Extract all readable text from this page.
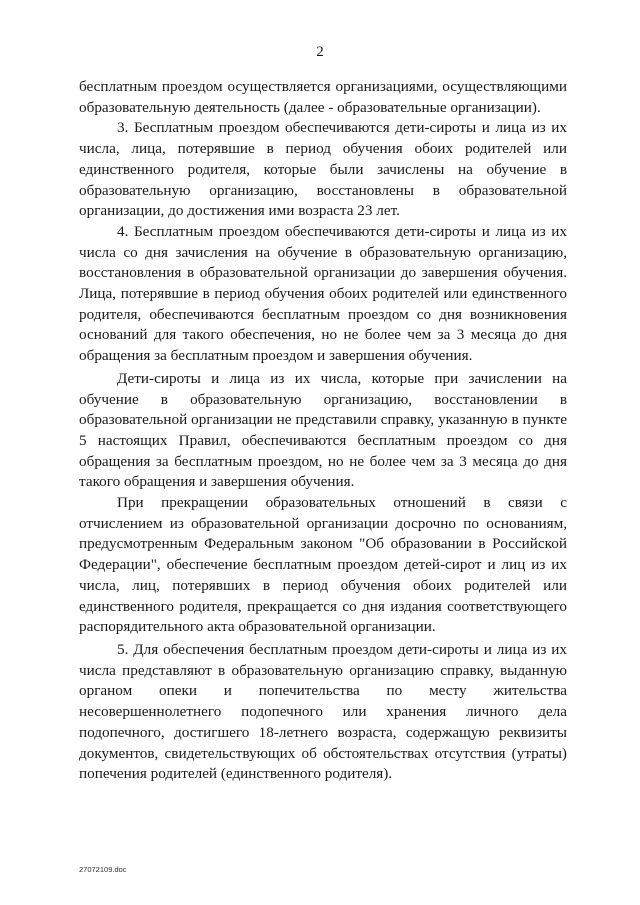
2

бесплатным проездом осуществляется организациями, осуществляющими образовательную деятельность (далее - образовательные организации).

3. Бесплатным проездом обеспечиваются дети-сироты и лица из их числа, лица, потерявшие в период обучения обоих родителей или единственного родителя, которые были зачислены на обучение в образовательную организацию, восстановлены в образовательной организации, до достижения ими возраста 23 лет.

4. Бесплатным проездом обеспечиваются дети-сироты и лица из их числа со дня зачисления на обучение в образовательную организацию, восстановления в образовательной организации до завершения обучения. Лица, потерявшие в период обучения обоих родителей или единственного родителя, обеспечиваются бесплатным проездом со дня возникновения оснований для такого обеспечения, но не более чем за 3 месяца до дня обращения за бесплатным проездом и завершения обучения.

Дети-сироты и лица из их числа, которые при зачислении на обучение в образовательную организацию, восстановлении в образовательной организации не представили справку, указанную в пункте 5 настоящих Правил, обеспечиваются бесплатным проездом со дня обращения за бесплатным проездом, но не более чем за 3 месяца до дня такого обращения и завершения обучения.

При прекращении образовательных отношений в связи с отчислением из образовательной организации досрочно по основаниям, предусмотренным Федеральным законом "Об образовании в Российской Федерации", обеспечение бесплатным проездом детей-сирот и лиц из их числа, лиц, потерявших в период обучения обоих родителей или единственного родителя, прекращается со дня издания соответствующего распорядительного акта образовательной организации.

5. Для обеспечения бесплатным проездом дети-сироты и лица из их числа представляют в образовательную организацию справку, выданную органом опеки и попечительства по месту жительства несовершеннолетнего подопечного или хранения личного дела подопечного, достигшего 18-летнего возраста, содержащую реквизиты документов, свидетельствующих об обстоятельствах отсутствия (утраты) попечения родителей (единственного родителя).

27072109.doc
